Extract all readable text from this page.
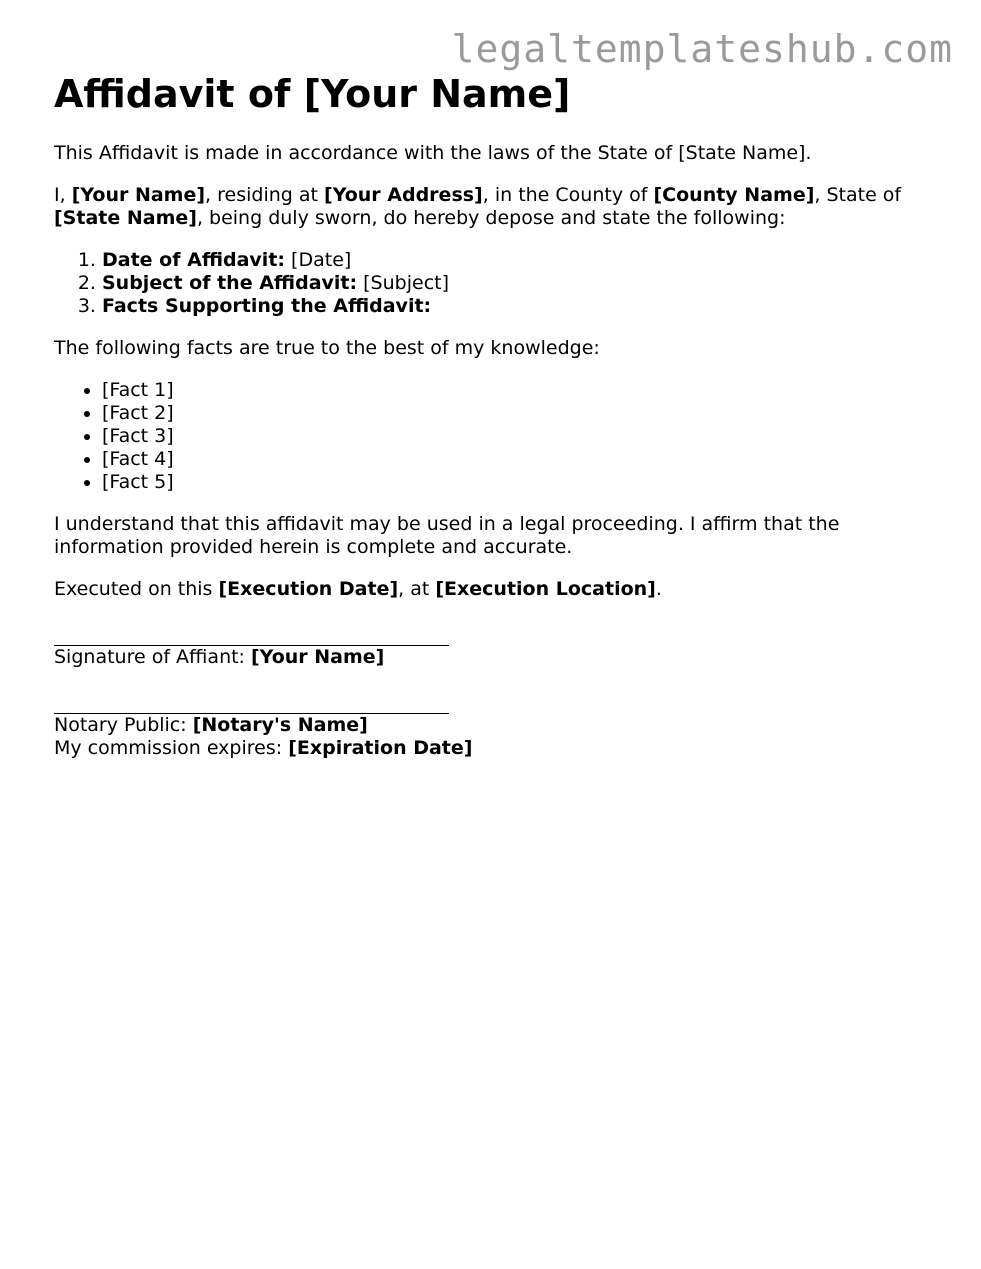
legaltemplateshub.com
Affidavit of [Your Name]

This Affidavit is made in accordance with the laws of the State of [State Name].

I, [Your Name], residing at [Your Address], in the County of [County Name], State of [State Name], being duly sworn, do hereby depose and state the following:

1. Date of Affidavit: [Date]
2. Subject of the Affidavit: [Subject]
3. Facts Supporting the Affidavit:

The following facts are true to the best of my knowledge:

• [Fact 1]
• [Fact 2]
• [Fact 3]
• [Fact 4]
• [Fact 5]

I understand that this affidavit may be used in a legal proceeding. I affirm that the information provided herein is complete and accurate.

Executed on this [Execution Date], at [Execution Location].

Signature of Affiant: [Your Name]
Notary Public: [Notary's Name]
My commission expires: [Expiration Date]
